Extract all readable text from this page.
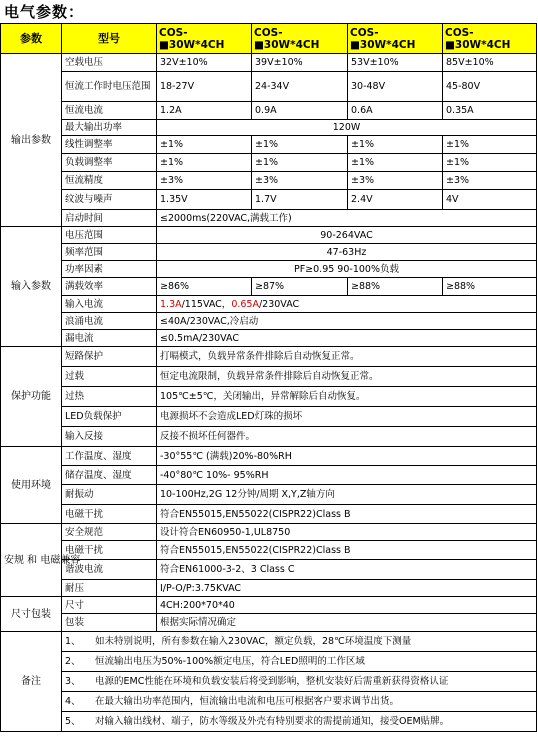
电气参数：
参数	型号	COS-■30W*4CH	COS-■30W*4CH	COS-■30W*4CH	COS-■30W*4CH
输出参数	空载电压	32V±10%	39V±10%	53V±10%	85V±10%
	恒流工作时电压范围	18-27V	24-34V	30-48V	45-80V
	恒流电流	1.2A	0.9A	0.6A	0.35A
	最大输出功率	120W			
	线性调整率	±1%	±1%	±1%	±1%
	负载调整率	±1%	±1%	±1%	±1%
	恒流精度	±3%	±3%	±3%	±3%
	纹波与噪声	1.35V	1.7V	2.4V	4V
	启动时间	≤2000ms(220VAC,满载工作)			
输入参数	电压范围	90-264VAC			
	频率范围	47-63Hz			
	功率因素	PF≥0.95 90-100%负载			
	满载效率	≥86%	≥87%	≥88%	≥88%
	输入电流	1.3A/115VAC，0.65A/230VAC			
	浪涌电流	≤40A/230VAC,冷启动			
	漏电流	≤0.5mA/230VAC			
保护功能	短路保护	打嗝模式，负载异常条件排除后自动恢复正常。			
	过载	恒定电流限制，负载异常条件排除后自动恢复正常。			
	过热	105℃±5℃，关闭输出，异常解除后自动恢复。			
	LED负载保护	电源损坏不会造成LED灯珠的损坏			
	输入反接	反接不损坏任何器件。			
使用环境	工作温度、湿度	-30°55℃ (满载)20%-80%RH			
	储存温度、湿度	-40°80℃ 10%- 95%RH			
	耐振动	10-100Hz,2G 12分钟/周期 X,Y,Z轴方向			
	电磁干扰	符合EN55015,EN55022(CISPR22)Class B			
安规 和 电磁兼容	安全规范	设计符合EN60950-1,UL8750			
	电磁干扰	符合EN55015,EN55022(CISPR22)Class B			
	谐波电流	符合EN61000-3-2、3 Class C			
	耐压	I/P-O/P:3.75KVAC			
尺寸包装	尺寸	4CH:200*70*40			
	包装	根据实际情况确定			
备注	1、 如未特别说明，所有参数在输入230VAC，额定负载，28℃环境温度下测量				
	2、 恒流输出电压为50%-100%额定电压，符合LED照明的工作区域				
	3、 电源的EMC性能在环境和负载安装后将受到影响，整机安装好后需重新获得资格认证				
	4、 在最大输出功率范围内，恒流输出电流和电压可根据客户要求调节出货。				
	5、 对输入输出线材、端子，防水等级及外壳有特别要求的需提前通知，接受OEM贴牌。				
